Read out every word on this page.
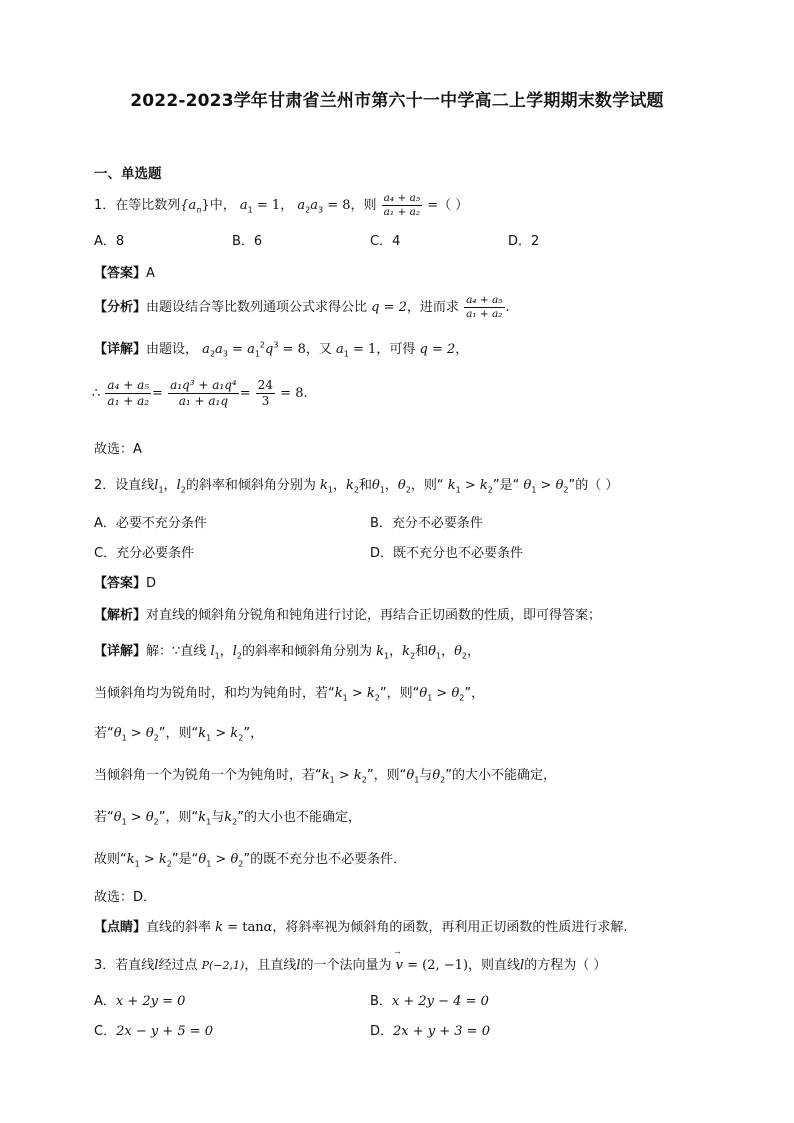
2022-2023学年甘肃省兰州市第六十一中学高二上学期期末数学试题
一、单选题
1．在等比数列$\{a_n\}$中， $a_1 = 1$， $a_2a_3 = 8$，则 $\frac{\text{a₄ + a₅}}{\text{a₁ + a₂}}$ =（ ）
A．8	B．6	C．4	D．2
【答案】A
【分析】由题设结合等比数列通项公式求得公比 q = 2，进而求 $\frac{\text{a₄ + a₅}}{\text{a₁ + a₂}}$ .
【详解】由题设， $a_2a_3 = a_1^2q^3 = 8$，又 $a_1 = 1$，可得 q = 2，
∴ $\frac{\text{a₄ + a₅}}{\text{a₁ + a₂}} = \frac{\text{a₁q³ + a₁q⁴}}{\text{a₁ + a₁q}} = \frac{24}{3} = 8$.
故选：A
2．设直线$l_1$，$l_2$的斜率和倾斜角分别为 $k_1$，$k_2$和$\theta_1$，$\theta_2$，则“ $k_1 > k_2$”是“ $\theta_1 > \theta_2$”的（ ）
A．必要不充分条件	B．充分不必要条件
C．充分必要条件	D．既不充分也不必要条件
【答案】D
【解析】对直线的倾斜角分锐角和钝角进行讨论，再结合正切函数的性质，即可得答案；
【详解】解：∵直线 $l_1$，$l_2$的斜率和倾斜角分别为 $k_1$，$k_2$和$\theta_1$，$\theta_2$，
当倾斜角均为锐角时，和均为钝角时，若“$k_1 > k_2$”，则“$\theta_1 > \theta_2$”，
若“$\theta_1 > \theta_2$”，则“$k_1 > k_2$”，
当倾斜角一个为锐角一个为钝角时，若“$k_1 > k_2$”，则“$\theta_1$与$\theta_2$”的大小不能确定，
若“$\theta_1 > \theta_2$”，则“$k_1$与$k_2$”的大小也不能确定，
故则“$k_1 > k_2$”是“$\theta_1 > \theta_2$”的既不充分也不必要条件．
故选：D．
【点睛】直线的斜率 k = tanα，将斜率视为倾斜角的函数，再利用正切函数的性质进行求解.
3．若直线l经过点 P(−2,1)，且直线l的一个法向量为 → v = (2, −1)，则直线l的方程为（ ）
A．x + 2y = 0	B．x + 2y − 4 = 0
C．2x − y + 5 = 0	D．2x + y + 3 = 0
